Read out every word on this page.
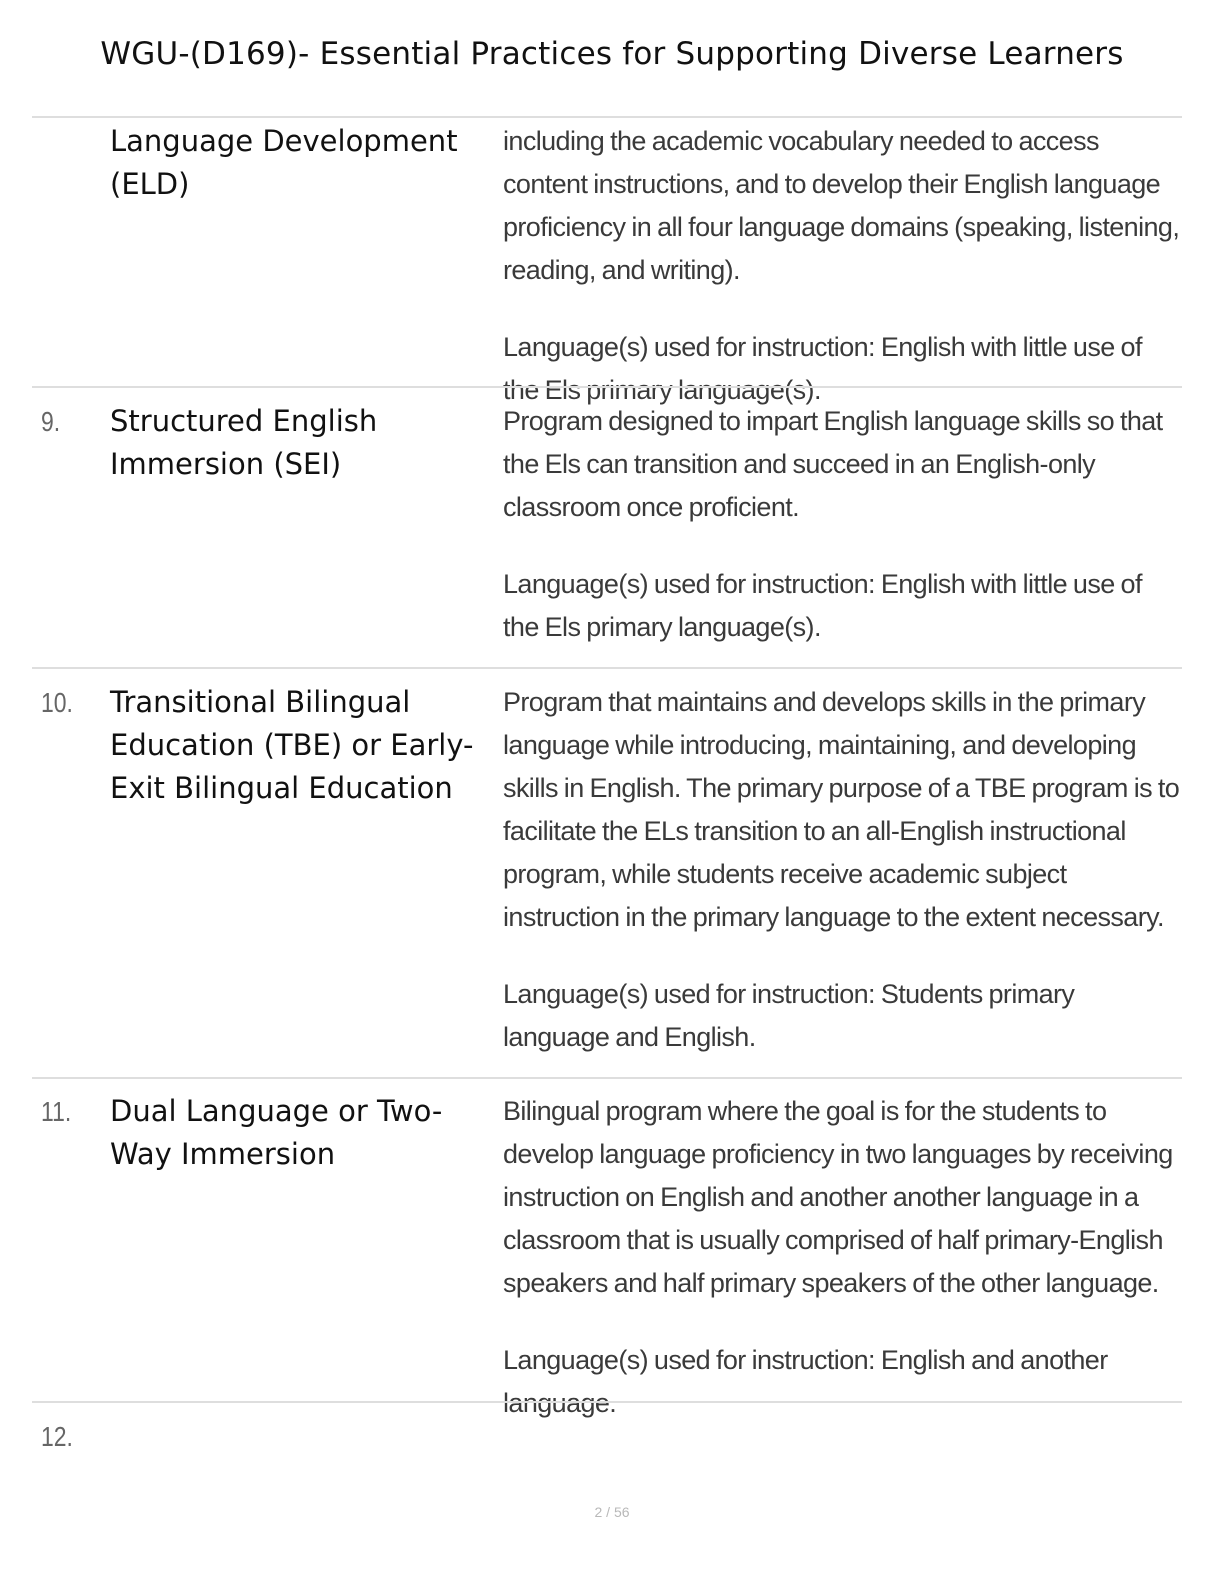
WGU-(D169)- Essential Practices for Supporting Diverse Learners
Language Development (ELD)

including the academic vocabulary needed to access content instructions, and to develop their English language proficiency in all four language domains (speaking, listening, reading, and writing).

Language(s) used for instruction: English with little use of the Els primary language(s).

9. Structured English Immersion (SEI)

Program designed to impart English language skills so that the Els can transition and succeed in an English-only classroom once proficient.

Language(s) used for instruction: English with little use of the Els primary language(s).

10. Transitional Bilingual Education (TBE) or Early-Exit Bilingual Education

Program that maintains and develops skills in the primary language while introducing, maintaining, and developing skills in English. The primary purpose of a TBE program is to facilitate the ELs transition to an all-English instructional program, while students receive academic subject instruction in the primary language to the extent necessary.

Language(s) used for instruction: Students primary language and English.

11. Dual Language or Two-Way Immersion

Bilingual program where the goal is for the students to develop language proficiency in two languages by receiving instruction on English and another another language in a classroom that is usually comprised of half primary-English speakers and half primary speakers of the other language.

Language(s) used for instruction: English and another language.

12.
2 / 56
